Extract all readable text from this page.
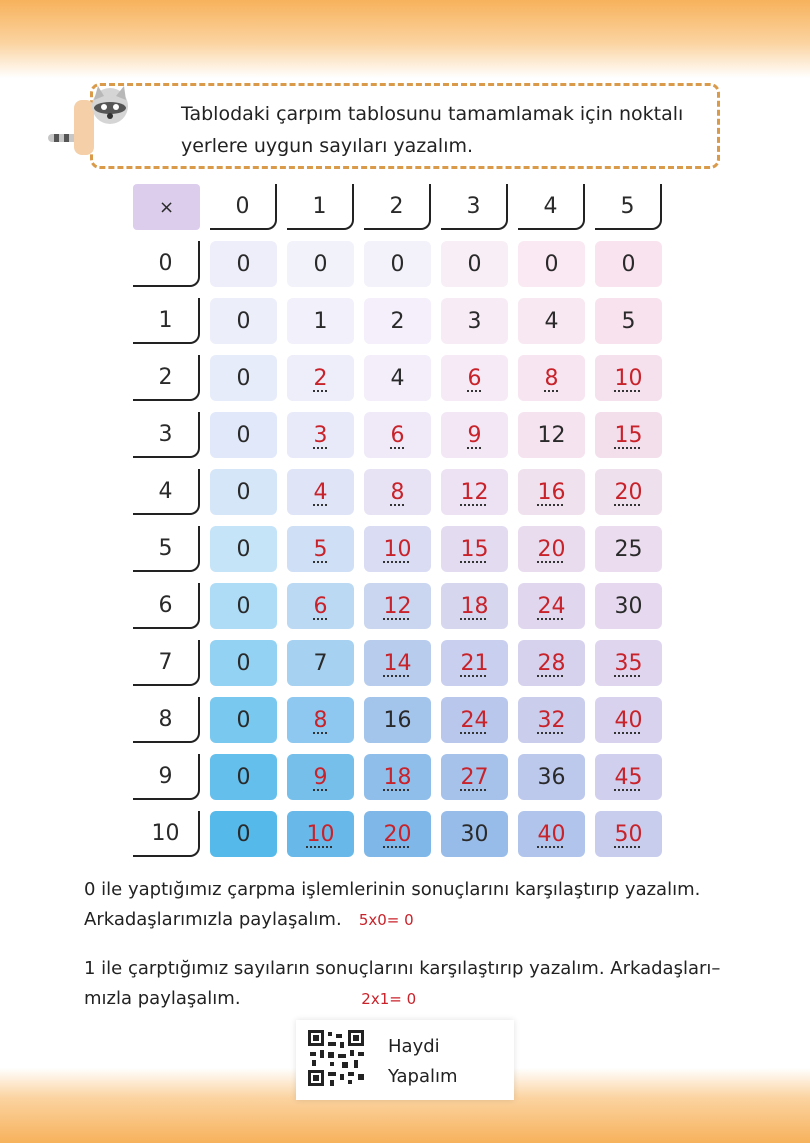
Tablodaki çarpım tablosunu tamamlamak için noktalı yerlere uygun sayıları yazalım.
×	0	1	2	3	4	5
0	0	0	0	0	0	0
1	0	1	2	3	4	5
2	0	2	4	6	8	10
3	0	3	6	9	12	15
4	0	4	8	12	16	20
5	0	5	10	15	20	25
6	0	6	12	18	24	30
7	0	7	14	21	28	35
8	0	8	16	24	32	40
9	0	9	18	27	36	45
10	0	10	20	30	40	50
0 ile yaptığımız çarpma işlemlerinin sonuçlarını karşılaştırıp yazalım.
Arkadaşlarımızla paylaşalım. 5x0= 0
1 ile çarptığımız sayıların sonuçlarını karşılaştırıp yazalım. Arkadaşları–
mızla paylaşalım.	2x1= 0
Haydi
Yapalım
